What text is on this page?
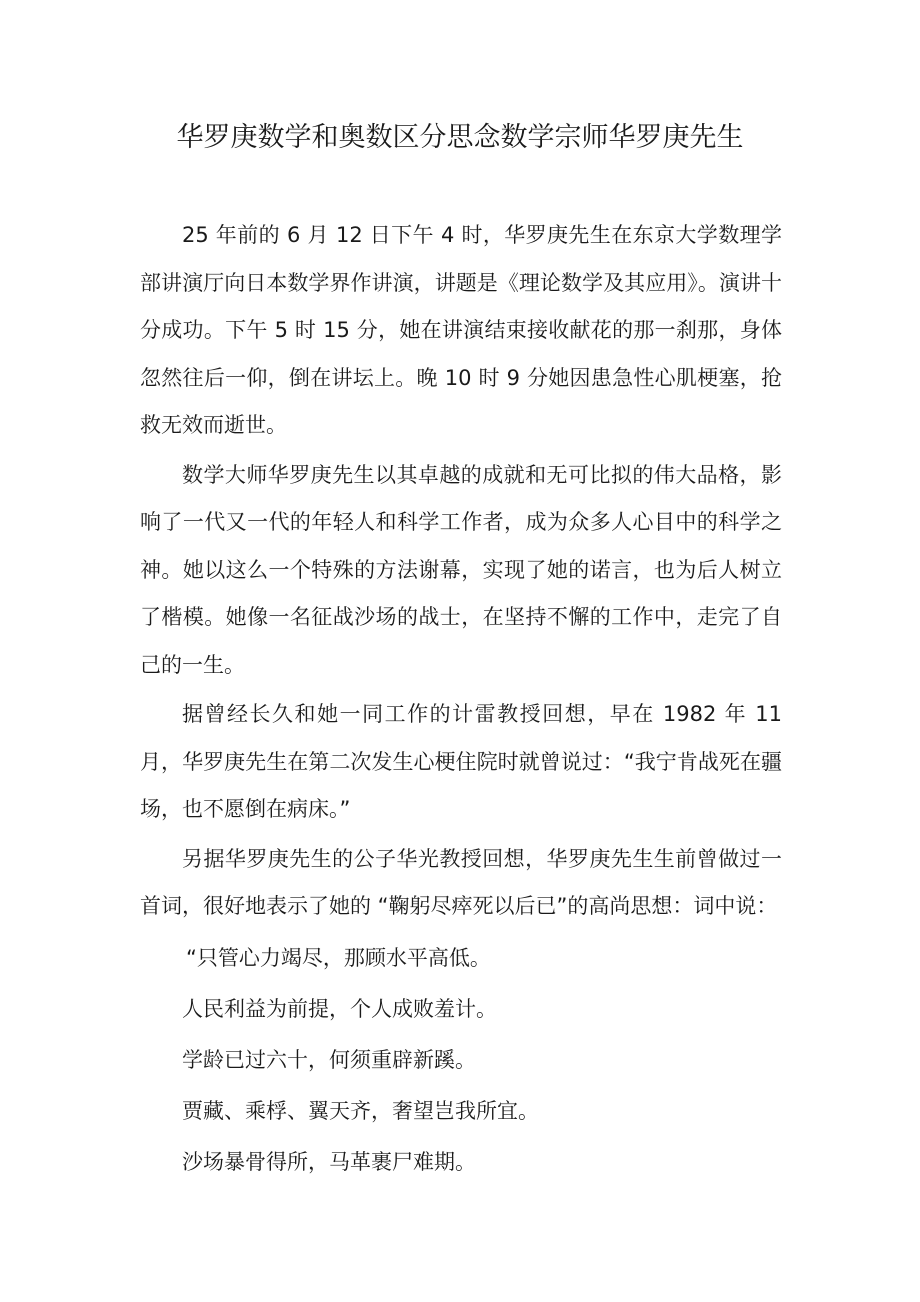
华罗庚数学和奥数区分思念数学宗师华罗庚先生

25 年前的 6 月 12 日下午 4 时，华罗庚先生在东京大学数理学部讲演厅向日本数学界作讲演，讲题是《理论数学及其应用》。演讲十分成功。下午 5 时 15 分，她在讲演结束接收献花的那一刹那，身体忽然往后一仰，倒在讲坛上。晚 10 时 9 分她因患急性心肌梗塞，抢救无效而逝世。

数学大师华罗庚先生以其卓越的成就和无可比拟的伟大品格，影响了一代又一代的年轻人和科学工作者，成为众多人心目中的科学之神。她以这么一个特殊的方法谢幕，实现了她的诺言，也为后人树立了楷模。她像一名征战沙场的战士，在坚持不懈的工作中，走完了自己的一生。

据曾经长久和她一同工作的计雷教授回想，早在 1982 年 11 月，华罗庚先生在第二次发生心梗住院时就曾说过：“我宁肯战死在疆场，也不愿倒在病床。”

另据华罗庚先生的公子华光教授回想，华罗庚先生生前曾做过一首词，很好地表示了她的 “鞠躬尽瘁死以后已”的高尚思想：词中说：

“只管心力竭尽，那顾水平高低。

人民利益为前提，个人成败羞计。

学龄已过六十，何须重辟新蹊。

贾藏、乘桴、翼天齐，奢望岂我所宜。

沙场暴骨得所，马革裹尸难期。
